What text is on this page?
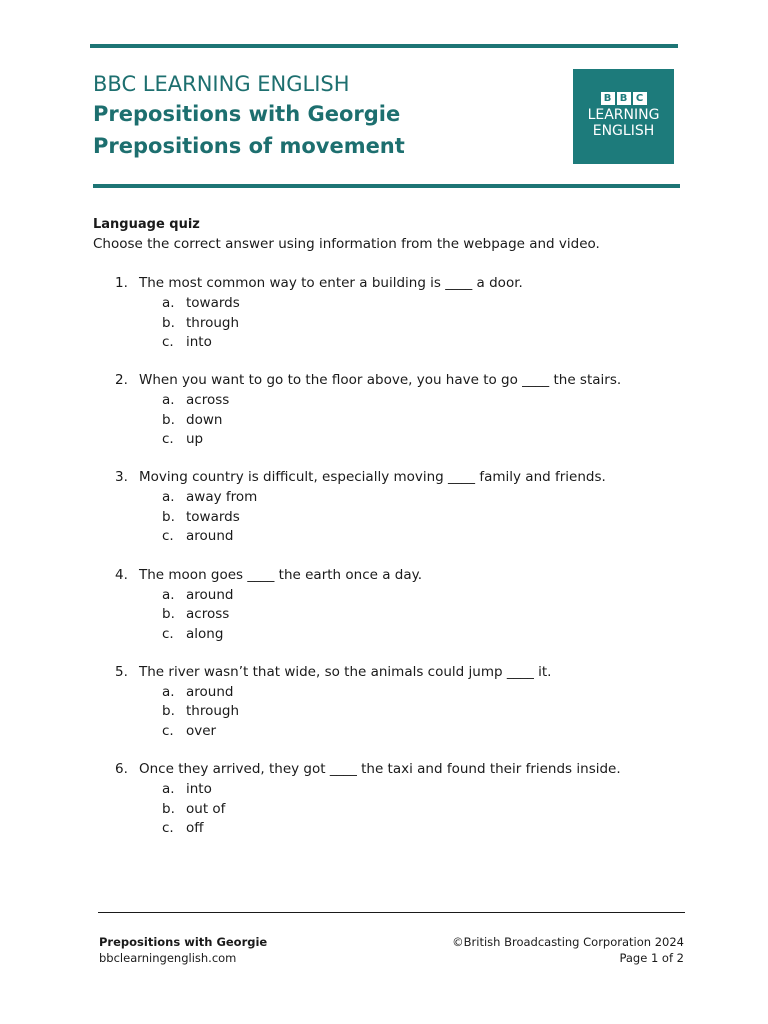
BBC LEARNING ENGLISH
Prepositions with Georgie
Prepositions of movement
B B C
LEARNING
ENGLISH
Language quiz
Choose the correct answer using information from the webpage and video.
1. The most common way to enter a building is ____ a door.
a. towards
b. through
c. into
2. When you want to go to the floor above, you have to go ____ the stairs.
a. across
b. down
c. up
3. Moving country is difficult, especially moving ____ family and friends.
a. away from
b. towards
c. around
4. The moon goes ____ the earth once a day.
a. around
b. across
c. along
5. The river wasn’t that wide, so the animals could jump ____ it.
a. around
b. through
c. over
6. Once they arrived, they got ____ the taxi and found their friends inside.
a. into
b. out of
c. off
Prepositions with Georgie
bbclearningenglish.com
©British Broadcasting Corporation 2024
Page 1 of 2
